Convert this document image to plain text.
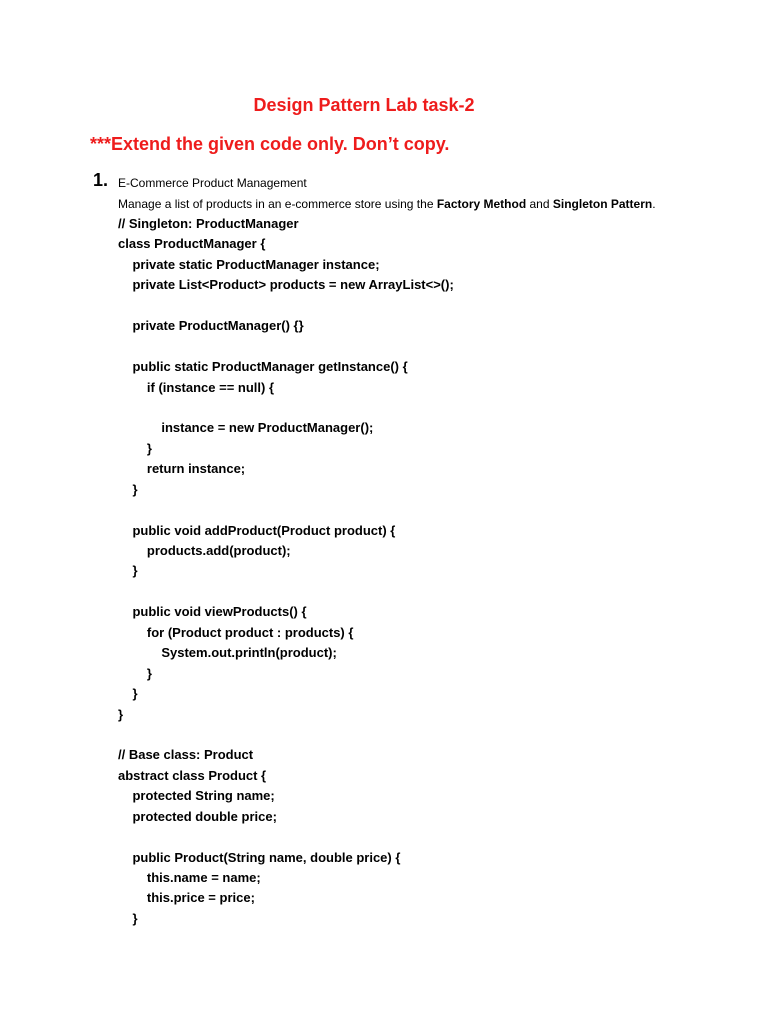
Design Pattern Lab task-2
***Extend the given code only. Don’t copy.
1. E-Commerce Product Management
Manage a list of products in an e-commerce store using the Factory Method and Singleton Pattern.
// Singleton: ProductManager
class ProductManager {
private static ProductManager instance;
private List<Product> products = new ArrayList<>();
private ProductManager() {}
public static ProductManager getInstance() {
if (instance == null) {
instance = new ProductManager();
}
return instance;
}
public void addProduct(Product product) {
products.add(product);
}
public void viewProducts() {
for (Product product : products) {
System.out.println(product);
}
}
}
// Base class: Product
abstract class Product {
protected String name;
protected double price;
public Product(String name, double price) {
this.name = name;
this.price = price;
}
